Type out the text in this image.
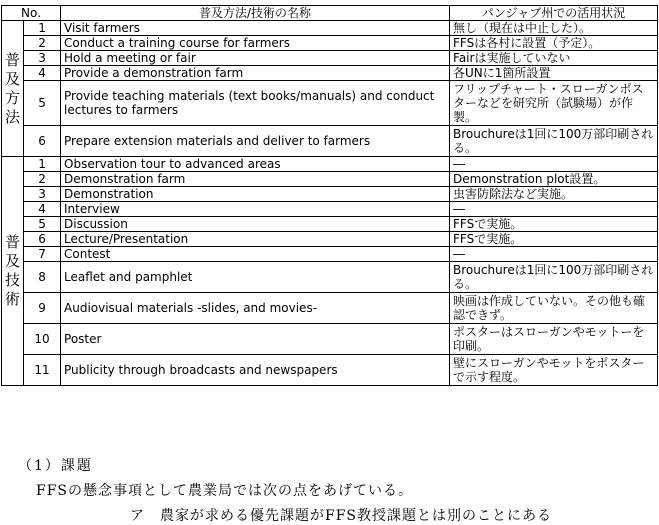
No.		普及方法/技術の名称	パンジャブ州での活用状況
普
及
方
法	1	Visit farmers	無し（現在は中止した）。
	2	Conduct a training course for farmers	FFSは各村に設置（予定）。
	3	Hold a meeting or fair	Fairは実施していない
	4	Provide a demonstration farm	各UNに1箇所設置
	5	Provide teaching materials (text books/manuals) and conduct lectures to farmers	フリップチャート・スローガンポスターなどを研究所（試験場）が作製。
	6	Prepare extension materials and deliver to farmers	Brouchureは1回に100万部印刷される。
普
及
技
術	1	Observation tour to advanced areas	―
	2	Demonstration farm	Demonstration plot設置。
	3	Demonstration	虫害防除法など実施。
	4	Interview	―
	5	Discussion	FFSで実施。
	6	Lecture/Presentation	FFSで実施。
	7	Contest	―
	8	Leaflet and pamphlet	Brouchureは1回に100万部印刷される。
	9	Audiovisual materials -slides, and movies-	映画は作成していない。その他も確認できず。
	10	Poster	ポスターはスローガンやモットーを印刷。
	11	Publicity through broadcasts and newspapers	壁にスローガンやモットをポスターで示す程度。
（1）課題
FFSの懸念事項として農業局では次の点をあげている。
ア　農家が求める優先課題がFFS教授課題とは別のことにある
